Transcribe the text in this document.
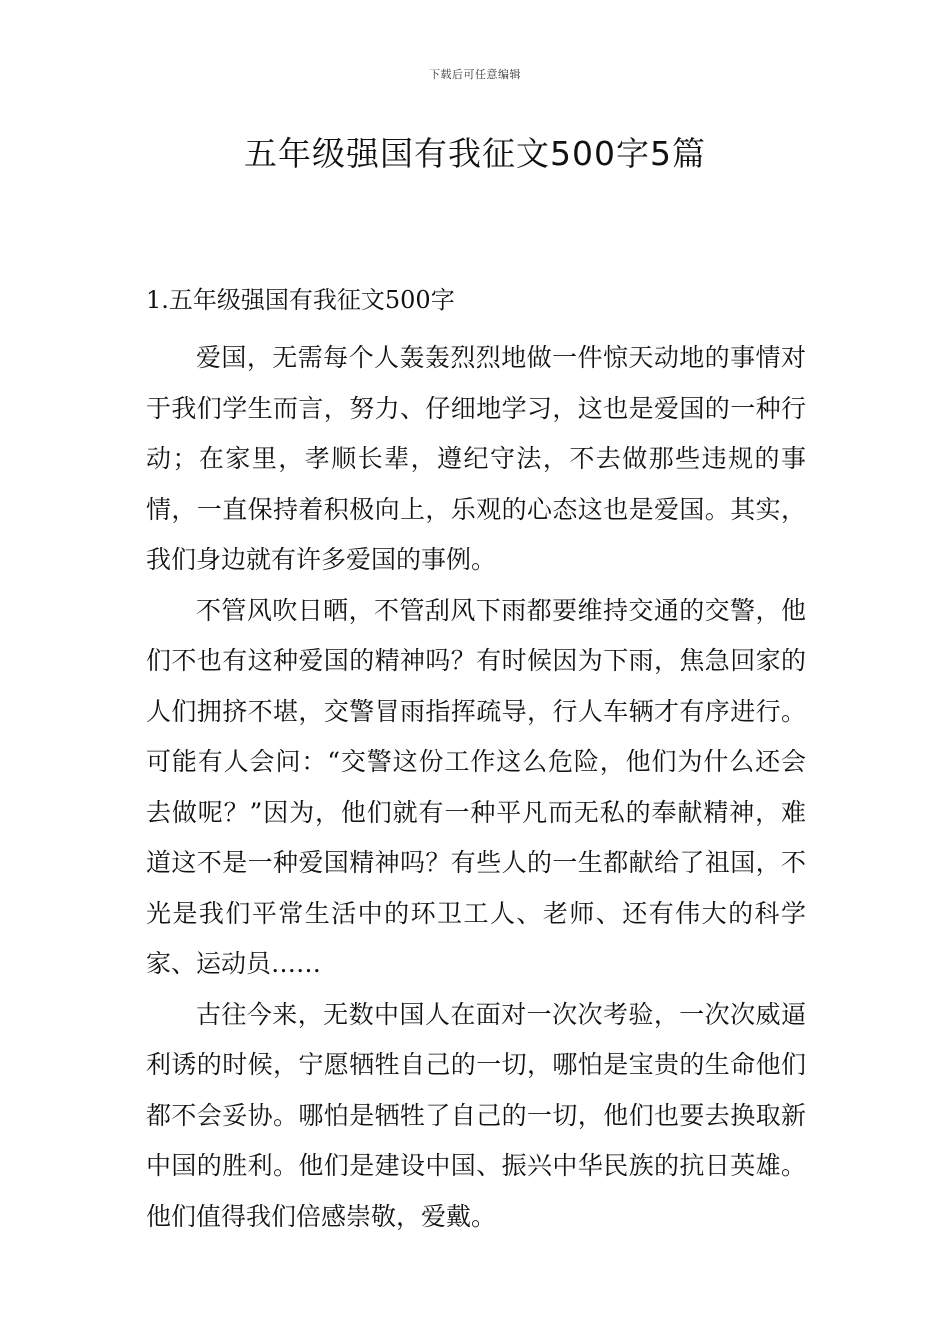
下载后可任意编辑
五年级强国有我征文500字5篇
1.五年级强国有我征文500字

爱国，无需每个人轰轰烈烈地做一件惊天动地的事情对于我们学生而言，努力、仔细地学习，这也是爱国的一种行动；在家里，孝顺长辈，遵纪守法，不去做那些违规的事情，一直保持着积极向上，乐观的心态这也是爱国。其实，我们身边就有许多爱国的事例。

不管风吹日晒，不管刮风下雨都要维持交通的交警，他们不也有这种爱国的精神吗？有时候因为下雨，焦急回家的人们拥挤不堪，交警冒雨指挥疏导，行人车辆才有序进行。可能有人会问：“交警这份工作这么危险，他们为什么还会去做呢？”因为，他们就有一种平凡而无私的奉献精神，难道这不是一种爱国精神吗？有些人的一生都献给了祖国，不光是我们平常生活中的环卫工人、老师、还有伟大的科学家、运动员……

古往今来，无数中国人在面对一次次考验，一次次威逼利诱的时候，宁愿牺牲自己的一切，哪怕是宝贵的生命他们都不会妥协。哪怕是牺牲了自己的一切，他们也要去换取新中国的胜利。他们是建设中国、振兴中华民族的抗日英雄。他们值得我们倍感崇敬，爱戴。
